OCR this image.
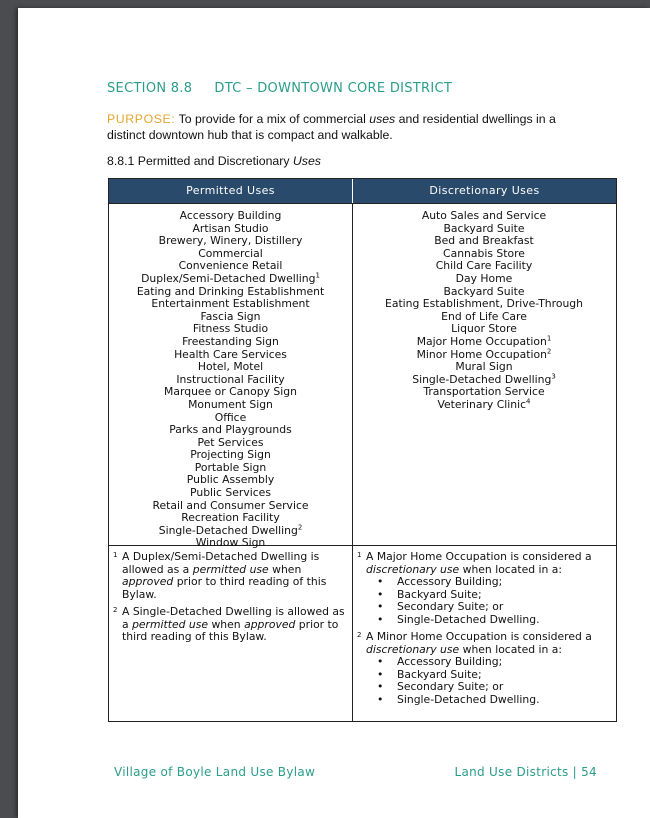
SECTION 8.8 DTC – DOWNTOWN CORE DISTRICT
PURPOSE: To provide for a mix of commercial uses and residential dwellings in a distinct downtown hub that is compact and walkable.
8.8.1 Permitted and Discretionary Uses
Permitted Uses	Discretionary Uses
Accessory Building
Artisan Studio
Brewery, Winery, Distillery
Commercial
Convenience Retail
Duplex/Semi-Detached Dwelling$^1$
Eating and Drinking Establishment
Entertainment Establishment
Fascia Sign
Fitness Studio
Freestanding Sign
Health Care Services
Hotel, Motel
Instructional Facility
Marquee or Canopy Sign
Monument Sign
Office
Parks and Playgrounds
Pet Services
Projecting Sign
Portable Sign
Public Assembly
Public Services
Retail and Consumer Service
Recreation Facility
Single-Detached Dwelling$^2$
Window Sign
Auto Sales and Service
Backyard Suite
Bed and Breakfast
Cannabis Store
Child Care Facility
Day Home
Backyard Suite
Eating Establishment, Drive-Through
End of Life Care
Liquor Store
Major Home Occupation$^1$
Minor Home Occupation$^2$
Mural Sign
Single-Detached Dwelling$^3$
Transportation Service
Veterinary Clinic$^4$
1 A Duplex/Semi-Detached Dwelling is allowed as a permitted use when approved prior to third reading of this Bylaw.
2 A Single-Detached Dwelling is allowed as a permitted use when approved prior to third reading of this Bylaw.
1 A Major Home Occupation is considered a discretionary use when located in a:
• Accessory Building;
• Backyard Suite;
• Secondary Suite; or
• Single-Detached Dwelling.
2 A Minor Home Occupation is considered a discretionary use when located in a:
• Accessory Building;
• Backyard Suite;
• Secondary Suite; or
• Single-Detached Dwelling.
Village of Boyle Land Use Bylaw	Land Use Districts | 54
